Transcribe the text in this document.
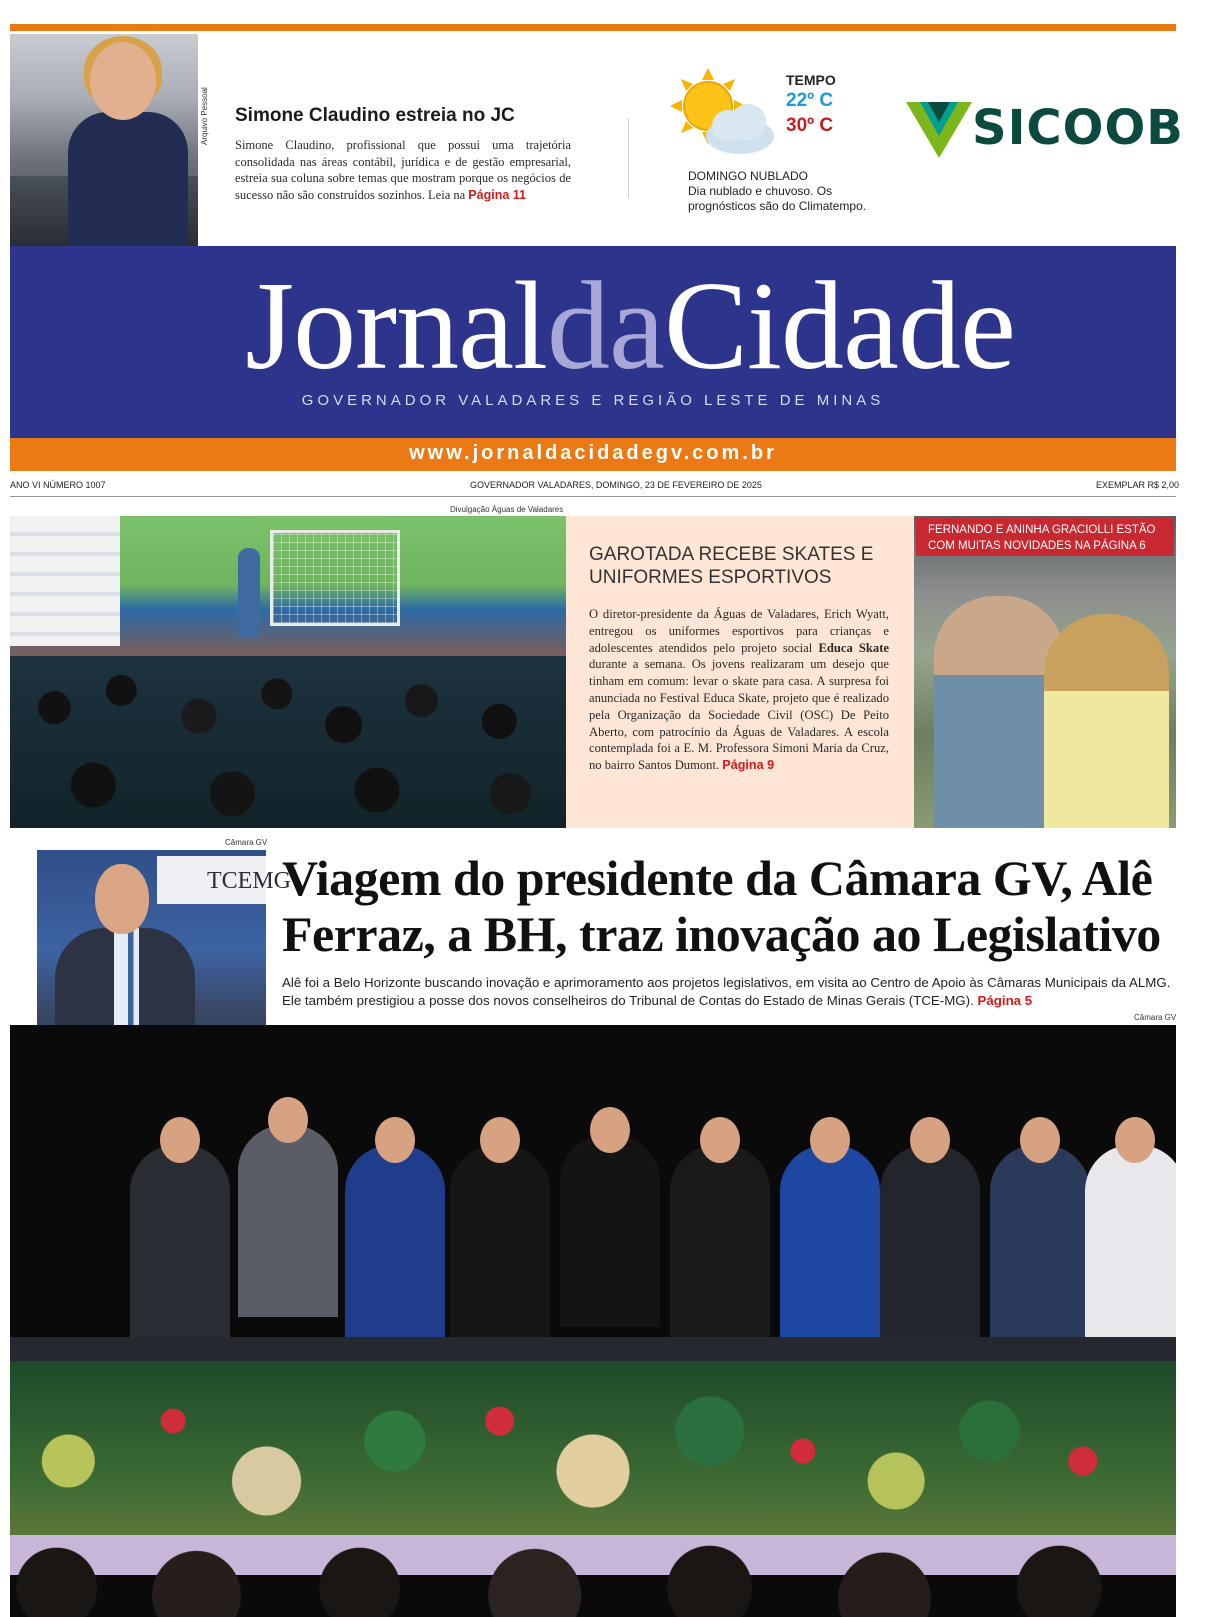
Arquivo Pessoal Simone Claudino estreia no JC
Simone Claudino, profissional que possui uma trajetória consolidada nas áreas contábil, jurídica e de gestão empresarial, estreia sua coluna sobre temas que mostram porque os negócios de sucesso não são construídos sozinhos. Leia na Página 11
TEMPO
22º C
30º C
DOMINGO NUBLADO
Dia nublado e chuvoso. Os prognósticos são do Climatempo.
SICOOB
JornaldaCidade
GOVERNADOR VALADARES E REGIÃO LESTE DE MINAS
www.jornaldacidadegv.com.br
ANO VI NÚMERO 1007	GOVERNADOR VALADARES, DOMINGO, 23 DE FEVEREIRO DE 2025	EXEMPLAR R$ 2,00
Divulgação Águas de Valadares
GAROTADA RECEBE SKATES E UNIFORMES ESPORTIVOS
O diretor-presidente da Águas de Valadares, Erich Wyatt, entregou os uniformes esportivos para crianças e adolescentes atendidos pelo projeto social Educa Skate durante a semana. Os jovens realizaram um desejo que tinham em comum: levar o skate para casa. A surpresa foi anunciada no Festival Educa Skate, projeto que é realizado pela Organização da Sociedade Civil (OSC) De Peito Aberto, com patrocínio da Águas de Valadares. A escola contemplada foi a E. M. Professora Simoni Maria da Cruz, no bairro Santos Dumont. Página 9
FERNANDO E ANINHA GRACIOLLI ESTÃO COM MUITAS NOVIDADES NA PÁGINA 6
Câmara GV
TCEMG
Viagem do presidente da Câmara GV, Alê Ferraz, a BH, traz inovação ao Legislativo
Alê foi a Belo Horizonte buscando inovação e aprimoramento aos projetos legislativos, em visita ao Centro de Apoio às Câmaras Municipais da ALMG. Ele também prestigiou a posse dos novos conselheiros do Tribunal de Contas do Estado de Minas Gerais (TCE-MG). Página 5
Câmara GV
